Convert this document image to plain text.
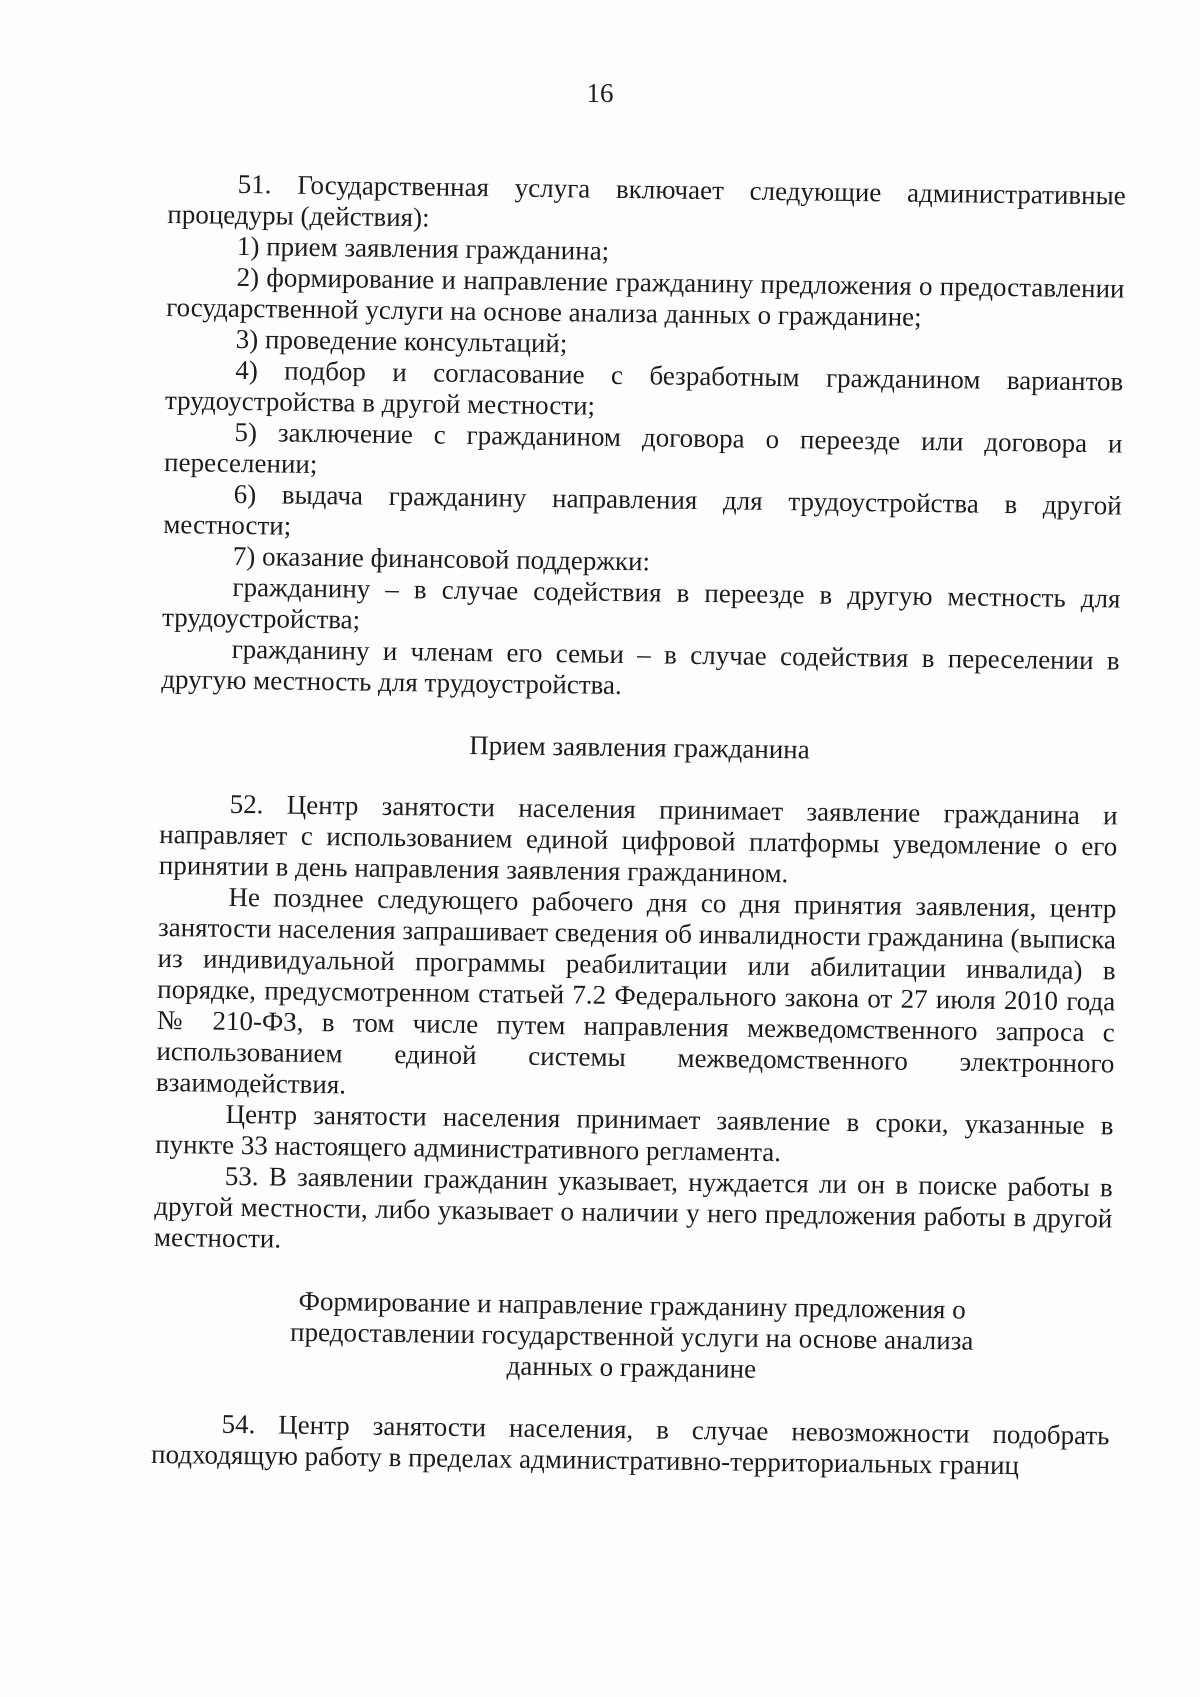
16

51. Государственная услуга включает следующие административные процедуры (действия):

1) прием заявления гражданина;

2) формирование и направление гражданину предложения о предоставлении государственной услуги на основе анализа данных о гражданине;

3) проведение консультаций;

4) подбор и согласование с безработным гражданином вариантов трудоустройства в другой местности;

5) заключение с гражданином договора о переезде или договора и переселении;

6) выдача гражданину направления для трудоустройства в другой местности;

7) оказание финансовой поддержки:

гражданину – в случае содействия в переезде в другую местность для трудоустройства;

гражданину и членам его семьи – в случае содействия в переселении в другую местность для трудоустройства.

Прием заявления гражданина

52. Центр занятости населения принимает заявление гражданина и направляет с использованием единой цифровой платформы уведомление о его принятии в день направления заявления гражданином.

Не позднее следующего рабочего дня со дня принятия заявления, центр занятости населения запрашивает сведения об инвалидности гражданина (выписка из индивидуальной программы реабилитации или абилитации инвалида) в порядке, предусмотренном статьей 7.2 Федерального закона от 27 июля 2010 года № 210-ФЗ, в том числе путем направления межведомственного запроса с использованием единой системы межведомственного электронного взаимодействия.

Центр занятости населения принимает заявление в сроки, указанные в пункте 33 настоящего административного регламента.

53. В заявлении гражданин указывает, нуждается ли он в поиске работы в другой местности, либо указывает о наличии у него предложения работы в другой местности.

Формирование и направление гражданину предложения о предоставлении государственной услуги на основе анализа данных о гражданине

54. Центр занятости населения, в случае невозможности подобрать подходящую работу в пределах административно-территориальных границ
